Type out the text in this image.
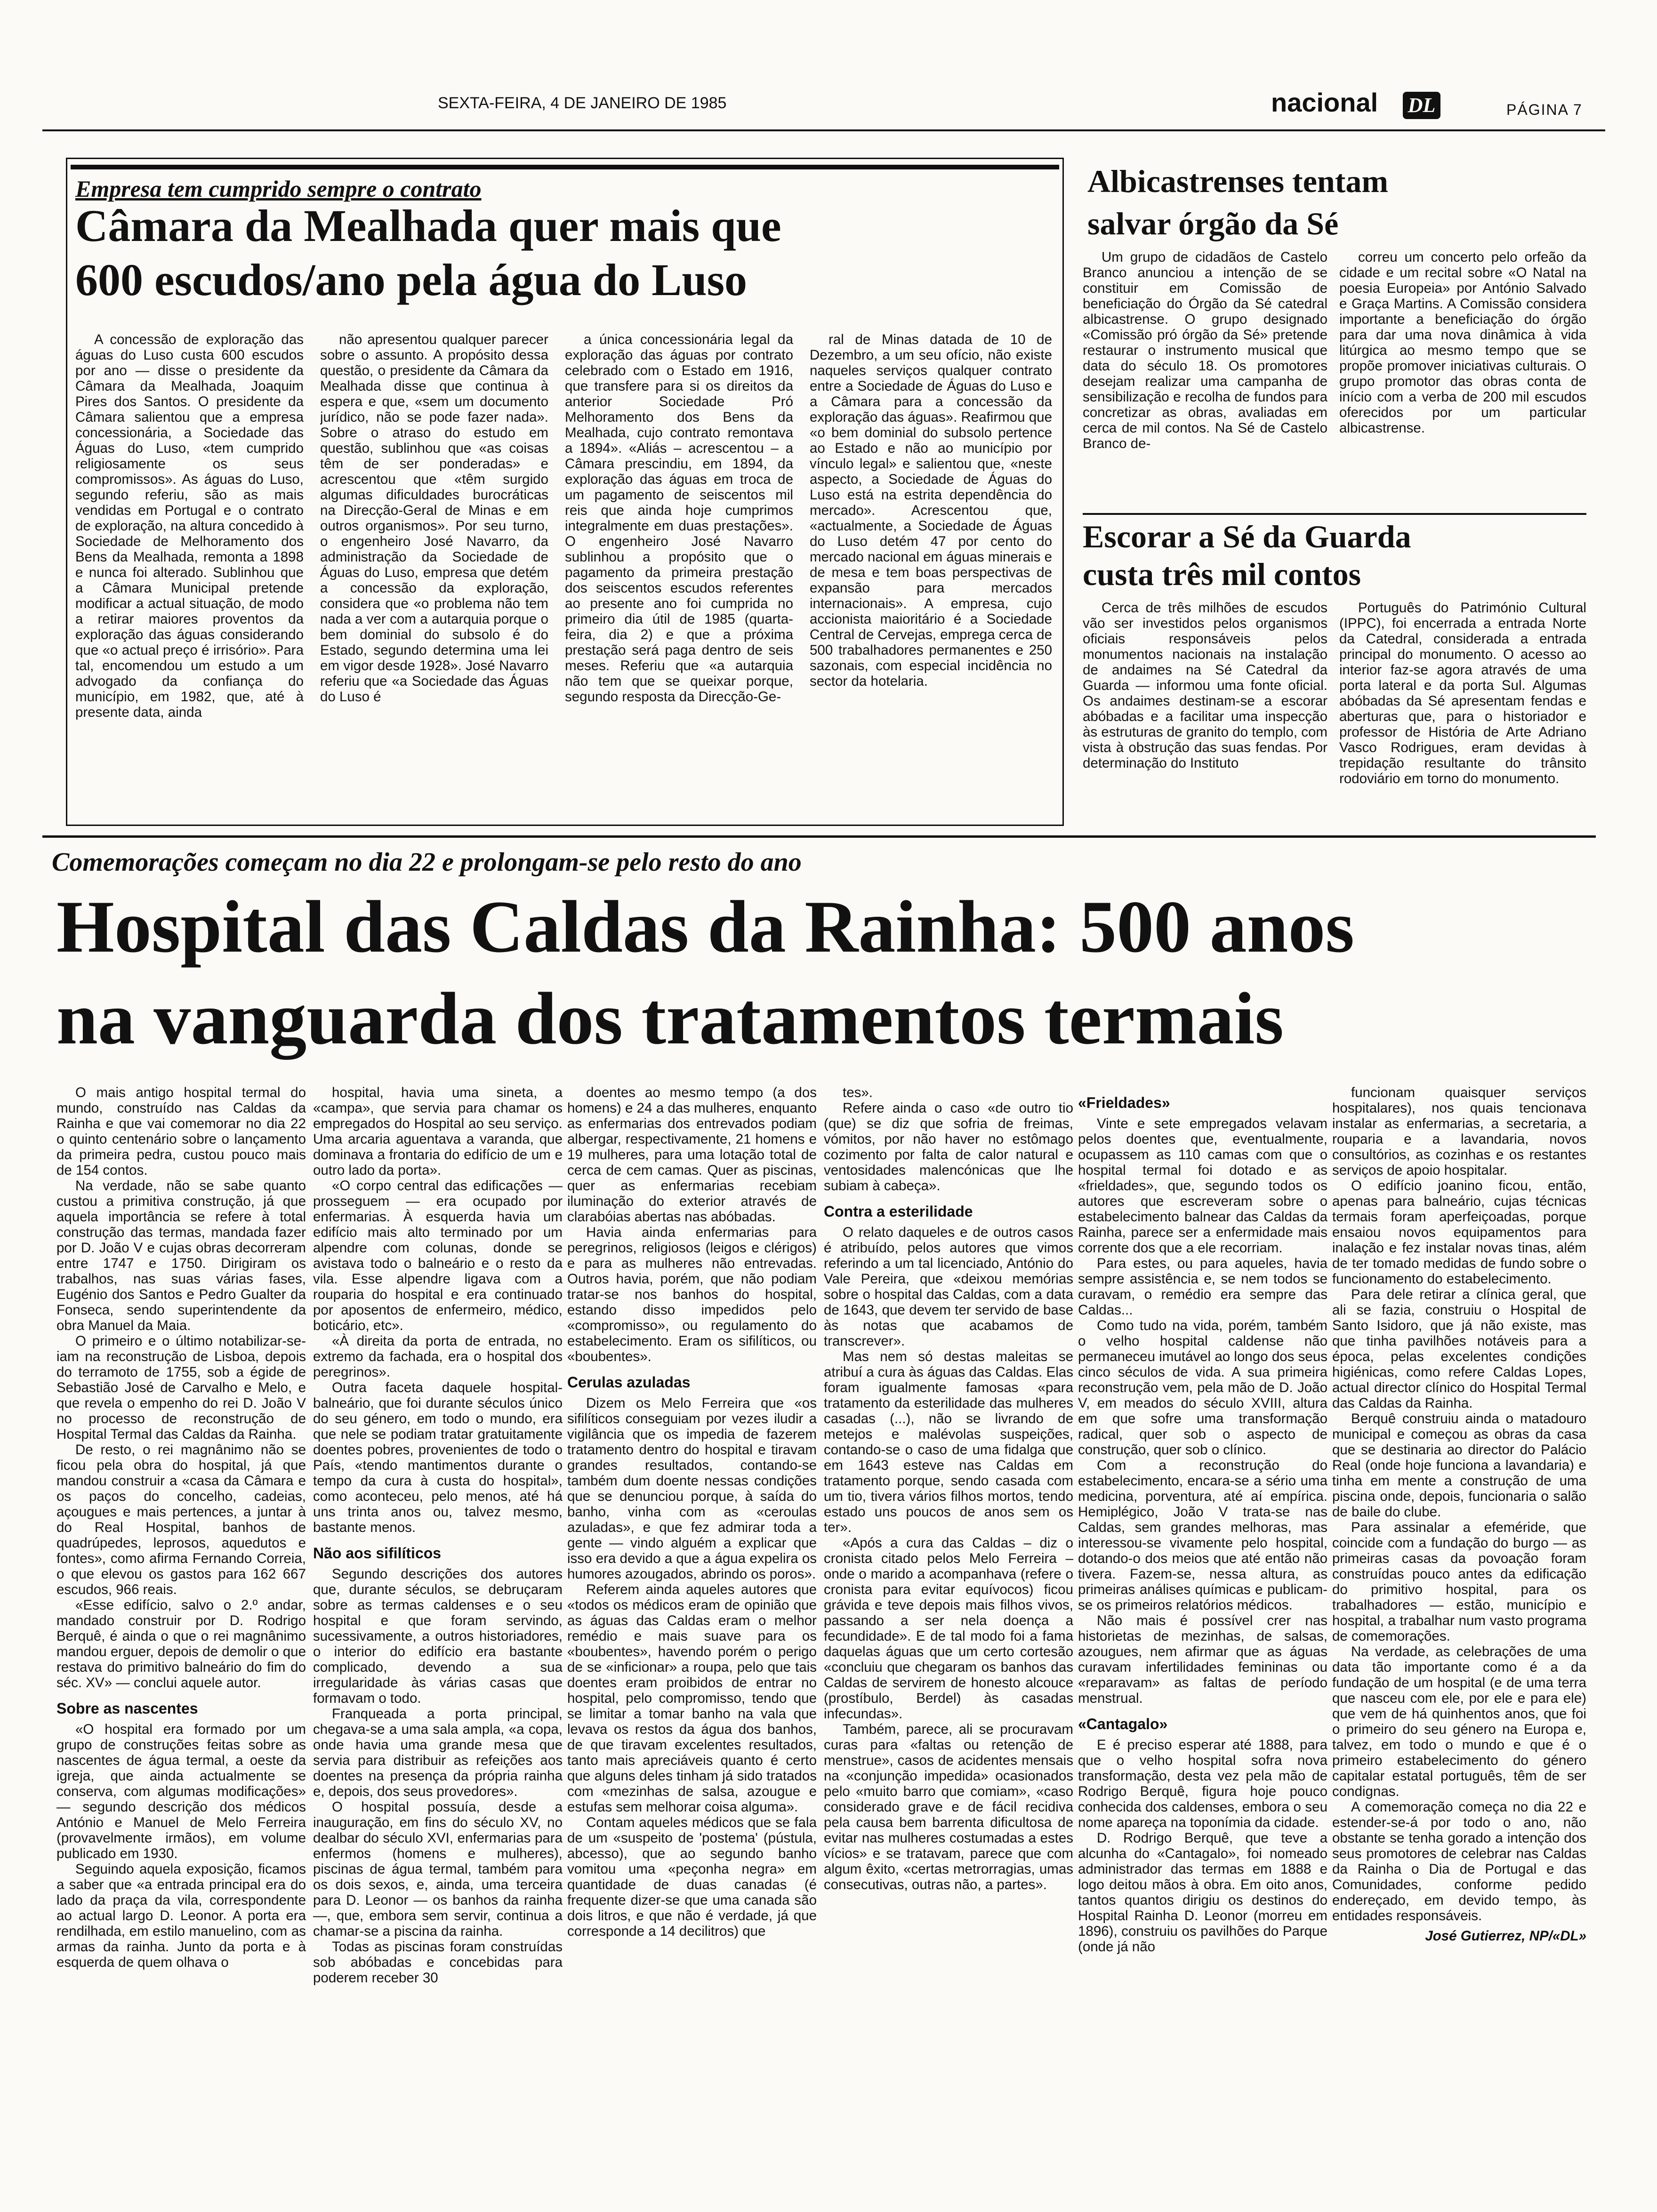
SEXTA-FEIRA, 4 DE JANEIRO DE 1985	nacional DL	PÁGINA 7
Empresa tem cumprido sempre o contrato
Câmara da Mealhada quer mais que
600 escudos/ano pela água do Luso

A concessão de exploração das águas do Luso custa 600 escudos por ano — disse o presidente da Câmara da Mealhada, Joaquim Pires dos Santos. O presidente da Câmara salientou que a empresa concessionária, a Sociedade das Águas do Luso, «tem cumprido religiosamente os seus compromissos». As águas do Luso, segundo referiu, são as mais vendidas em Portugal e o contrato de exploração, na altura concedido à Sociedade de Melhoramento dos Bens da Mealhada, remonta a 1898 e nunca foi alterado. Sublinhou que a Câmara Municipal pretende modificar a actual situação, de modo a retirar maiores proventos da exploração das águas considerando que «o actual preço é irrisório». Para tal, encomendou um estudo a um advogado da confiança do município, em 1982, que, até à presente data, ainda

não apresentou qualquer parecer sobre o assunto. A propósito dessa questão, o presidente da Câmara da Mealhada disse que continua à espera e que, «sem um documento jurídico, não se pode fazer nada». Sobre o atraso do estudo em questão, sublinhou que «as coisas têm de ser ponderadas» e acrescentou que «têm surgido algumas dificuldades burocráticas na Direcção-Geral de Minas e em outros organismos». Por seu turno, o engenheiro José Navarro, da administração da Sociedade de Águas do Luso, empresa que detém a concessão da exploração, considera que «o problema não tem nada a ver com a autarquia porque o bem dominial do subsolo é do Estado, segundo determina uma lei em vigor desde 1928». José Navarro referiu que «a Sociedade das Águas do Luso é

a única concessionária legal da exploração das águas por contrato celebrado com o Estado em 1916, que transfere para si os direitos da anterior Sociedade Pró Melhoramento dos Bens da Mealhada, cujo contrato remontava a 1894». «Aliás – acrescentou – a Câmara prescindiu, em 1894, da exploração das águas em troca de um pagamento de seiscentos mil reis que ainda hoje cumprimos integralmente em duas prestações». O engenheiro José Navarro sublinhou a propósito que o pagamento da primeira prestação dos seiscentos escudos referentes ao presente ano foi cumprida no primeiro dia útil de 1985 (quarta-feira, dia 2) e que a próxima prestação será paga dentro de seis meses. Referiu que «a autarquia não tem que se queixar porque, segundo resposta da Direcção-Ge-

ral de Minas datada de 10 de Dezembro, a um seu ofício, não existe naqueles serviços qualquer contrato entre a Sociedade de Águas do Luso e a Câmara para a concessão da exploração das águas». Reafirmou que «o bem dominial do subsolo pertence ao Estado e não ao município por vínculo legal» e salientou que, «neste aspecto, a Sociedade de Águas do Luso está na estrita dependência do mercado». Acrescentou que, «actualmente, a Sociedade de Águas do Luso detém 47 por cento do mercado nacional em águas minerais e de mesa e tem boas perspectivas de expansão para mercados internacionais». A empresa, cujo accionista maioritário é a Sociedade Central de Cervejas, emprega cerca de 500 trabalhadores permanentes e 250 sazonais, com especial incidência no sector da hotelaria.

Albicastrenses tentam
salvar órgão da Sé

Um grupo de cidadãos de Castelo Branco anunciou a intenção de se constituir em Comissão de beneficiação do Órgão da Sé catedral albicastrense. O grupo designado «Comissão pró órgão da Sé» pretende restaurar o instrumento musical que data do século 18. Os promotores desejam realizar uma campanha de sensibilização e recolha de fundos para concretizar as obras, avaliadas em cerca de mil contos. Na Sé de Castelo Branco de-

correu um concerto pelo orfeão da cidade e um recital sobre «O Natal na poesia Europeia» por António Salvado e Graça Martins. A Comissão considera importante a beneficiação do órgão para dar uma nova dinâmica à vida litúrgica ao mesmo tempo que se propõe promover iniciativas culturais. O grupo promotor das obras conta de início com a verba de 200 mil escudos oferecidos por um particular albicastrense.

Escorar a Sé da Guarda
custa três mil contos

Cerca de três milhões de escudos vão ser investidos pelos organismos oficiais responsáveis pelos monumentos nacionais na instalação de andaimes na Sé Catedral da Guarda — informou uma fonte oficial. Os andaimes destinam-se a escorar abóbadas e a facilitar uma inspecção às estruturas de granito do templo, com vista à obstrução das suas fendas. Por determinação do Instituto

Português do Património Cultural (IPPC), foi encerrada a entrada Norte da Catedral, considerada a entrada principal do monumento. O acesso ao interior faz-se agora através de uma porta lateral e da porta Sul. Algumas abóbadas da Sé apresentam fendas e aberturas que, para o historiador e professor de História de Arte Adriano Vasco Rodrigues, eram devidas à trepidação resultante do trânsito rodoviário em torno do monumento.

Comemorações começam no dia 22 e prolongam-se pelo resto do ano
Hospital das Caldas da Rainha: 500 anos
na vanguarda dos tratamentos termais

O mais antigo hospital termal do mundo, construído nas Caldas da Rainha e que vai comemorar no dia 22 o quinto centenário sobre o lançamento da primeira pedra, custou pouco mais de 154 contos.

Na verdade, não se sabe quanto custou a primitiva construção, já que aquela importância se refere à total construção das termas, mandada fazer por D. João V e cujas obras decorreram entre 1747 e 1750. Dirigiram os trabalhos, nas suas várias fases, Eugénio dos Santos e Pedro Gualter da Fonseca, sendo superintendente da obra Manuel da Maia.

O primeiro e o último notabilizar-se-iam na reconstrução de Lisboa, depois do terramoto de 1755, sob a égide de Sebastião José de Carvalho e Melo, e que revela o empenho do rei D. João V no processo de reconstrução de Hospital Termal das Caldas da Rainha.

De resto, o rei magnânimo não se ficou pela obra do hospital, já que mandou construir a «casa da Câmara e os paços do concelho, cadeias, açougues e mais pertences, a juntar à do Real Hospital, banhos de quadrúpedes, leprosos, aquedutos e fontes», como afirma Fernando Correia, o que elevou os gastos para 162 667 escudos, 966 reais.

«Esse edifício, salvo o 2.º andar, mandado construir por D. Rodrigo Berquê, é ainda o que o rei magnânimo mandou erguer, depois de demolir o que restava do primitivo balneário do fim do séc. XV» — conclui aquele autor.

Sobre as nascentes

«O hospital era formado por um grupo de construções feitas sobre as nascentes de água termal, a oeste da igreja, que ainda actualmente se conserva, com algumas modificações» — segundo descrição dos médicos António e Manuel de Melo Ferreira (provavelmente irmãos), em volume publicado em 1930.

Seguindo aquela exposição, ficamos a saber que «a entrada principal era do lado da praça da vila, correspondente ao actual largo D. Leonor. A porta era rendilhada, em estilo manuelino, com as armas da rainha. Junto da porta e à esquerda de quem olhava o

hospital, havia uma sineta, a «campa», que servia para chamar os empregados do Hospital ao seu serviço. Uma arcaria aguentava a varanda, que dominava a frontaria do edifício de um e outro lado da porta».

«O corpo central das edificações — prosseguem — era ocupado por enfermarias. À esquerda havia um edifício mais alto terminado por um alpendre com colunas, donde se avistava todo o balneário e o resto da vila. Esse alpendre ligava com a rouparia do hospital e era continuado por aposentos de enfermeiro, médico, boticário, etc».

«À direita da porta de entrada, no extremo da fachada, era o hospital dos peregrinos».

Outra faceta daquele hospital-balneário, que foi durante séculos único do seu género, em todo o mundo, era que nele se podiam tratar gratuitamente doentes pobres, provenientes de todo o País, «tendo mantimentos durante o tempo da cura à custa do hospital», como aconteceu, pelo menos, até há uns trinta anos ou, talvez mesmo, bastante menos.

Não aos sifilíticos

Segundo descrições dos autores que, durante séculos, se debruçaram sobre as termas caldenses e o seu hospital e que foram servindo, sucessivamente, a outros historiadores, o interior do edifício era bastante complicado, devendo a sua irregularidade às várias casas que formavam o todo.

Franqueada a porta principal, chegava-se a uma sala ampla, «a copa, onde havia uma grande mesa que servia para distribuir as refeições aos doentes na presença da própria rainha e, depois, dos seus provedores».

O hospital possuía, desde a inauguração, em fins do século XV, no dealbar do século XVI, enfermarias para enfermos (homens e mulheres), piscinas de água termal, também para os dois sexos, e, ainda, uma terceira para D. Leonor — os banhos da rainha —, que, embora sem servir, continua a chamar-se a piscina da rainha.

Todas as piscinas foram construídas sob abóbadas e concebidas para poderem receber 30

doentes ao mesmo tempo (a dos homens) e 24 a das mulheres, enquanto as enfermarias dos entrevados podiam albergar, respectivamente, 21 homens e 19 mulheres, para uma lotação total de cerca de cem camas. Quer as piscinas, quer as enfermarias recebiam iluminação do exterior através de clarabóias abertas nas abóbadas.

Havia ainda enfermarias para peregrinos, religiosos (leigos e clérigos) e para as mulheres não entrevadas. Outros havia, porém, que não podiam tratar-se nos banhos do hospital, estando disso impedidos pelo «compromisso», ou regulamento do estabelecimento. Eram os sifilíticos, ou «boubentes».

Cerulas azuladas

Dizem os Melo Ferreira que «os sifilíticos conseguiam por vezes iludir a vigilância que os impedia de fazerem tratamento dentro do hospital e tiravam grandes resultados, contando-se também dum doente nessas condições que se denunciou porque, à saída do banho, vinha com as «ceroulas azuladas», e que fez admirar toda a gente — vindo alguém a explicar que isso era devido a que a água expelira os humores azougados, abrindo os poros».

Referem ainda aqueles autores que «todos os médicos eram de opinião que as águas das Caldas eram o melhor remédio e mais suave para os «boubentes», havendo porém o perigo de se «inficionar» a roupa, pelo que tais doentes eram proibidos de entrar no hospital, pelo compromisso, tendo que se limitar a tomar banho na vala que levava os restos da água dos banhos, de que tiravam excelentes resultados, tanto mais apreciáveis quanto é certo que alguns deles tinham já sido tratados com «mezinhas de salsa, azougue e estufas sem melhorar coisa alguma».

Contam aqueles médicos que se fala de um «suspeito de 'postema' (pústula, abcesso), que ao segundo banho vomitou uma «peçonha negra» em quantidade de duas canadas (é frequente dizer-se que uma canada são dois litros, e que não é verdade, já que corresponde a 14 decilitros) que

tes».

Refere ainda o caso «de outro tio (que) se diz que sofria de freimas, vómitos, por não haver no estômago cozimento por falta de calor natural e ventosidades malencónicas que lhe subiam à cabeça».

Contra a esterilidade

O relato daqueles e de outros casos é atribuído, pelos autores que vimos referindo a um tal licenciado, António do Vale Pereira, que «deixou memórias sobre o hospital das Caldas, com a data de 1643, que devem ter servido de base às notas que acabamos de transcrever».

Mas nem só destas maleitas se atribuí a cura às águas das Caldas. Elas foram igualmente famosas «para tratamento da esterilidade das mulheres casadas (...), não se livrando de metejos e malévolas suspeições, contando-se o caso de uma fidalga que em 1643 esteve nas Caldas em tratamento porque, sendo casada com um tio, tivera vários filhos mortos, tendo estado uns poucos de anos sem os ter».

«Após a cura das Caldas – diz o cronista citado pelos Melo Ferreira – onde o marido a acompanhava (refere o cronista para evitar equívocos) ficou grávida e teve depois mais filhos vivos, passando a ser nela doença a fecundidade». E de tal modo foi a fama daquelas águas que um certo cortesão «concluiu que chegaram os banhos das Caldas de servirem de honesto alcouce (prostíbulo, Berdel) às casadas infecundas».

Também, parece, ali se procuravam curas para «faltas ou retenção de menstrue», casos de acidentes mensais na «conjunção impedida» ocasionados pelo «muito barro que comiam», «caso considerado grave e de fácil recidiva pela causa bem barrenta dificultosa de evitar nas mulheres costumadas a estes vícios» e se tratavam, parece que com algum êxito, «certas metrorragias, umas consecutivas, outras não, a partes».

«Frieldades»

Vinte e sete empregados velavam pelos doentes que, eventualmente, ocupassem as 110 camas com que o hospital termal foi dotado e as «frieldades», que, segundo todos os autores que escreveram sobre o estabelecimento balnear das Caldas da Rainha, parece ser a enfermidade mais corrente dos que a ele recorriam.

Para estes, ou para aqueles, havia sempre assistência e, se nem todos se curavam, o remédio era sempre das Caldas...

Como tudo na vida, porém, também o velho hospital caldense não permaneceu imutável ao longo dos seus cinco séculos de vida. A sua primeira reconstrução vem, pela mão de D. João V, em meados do século XVIII, altura em que sofre uma transformação radical, quer sob o aspecto de construção, quer sob o clínico.

Com a reconstrução do estabelecimento, encara-se a sério uma medicina, porventura, até aí empírica. Hemiplégico, João V trata-se nas Caldas, sem grandes melhoras, mas interessou-se vivamente pelo hospital, dotando-o dos meios que até então não tivera. Fazem-se, nessa altura, as primeiras análises químicas e publicam-se os primeiros relatórios médicos.

Não mais é possível crer nas historietas de mezinhas, de salsas, azougues, nem afirmar que as águas curavam infertilidades femininas ou «reparavam» as faltas de período menstrual.

«Cantagalo»

E é preciso esperar até 1888, para que o velho hospital sofra nova transformação, desta vez pela mão de Rodrigo Berquê, figura hoje pouco conhecida dos caldenses, embora o seu nome apareça na toponímia da cidade.

D. Rodrigo Berquê, que teve a alcunha do «Cantagalo», foi nomeado administrador das termas em 1888 e logo deitou mãos à obra. Em oito anos, tantos quantos dirigiu os destinos do Hospital Rainha D. Leonor (morreu em 1896), construiu os pavilhões do Parque (onde já não

funcionam quaisquer serviços hospitalares), nos quais tencionava instalar as enfermarias, a secretaria, a rouparia e a lavandaria, novos consultórios, as cozinhas e os restantes serviços de apoio hospitalar.

O edifício joanino ficou, então, apenas para balneário, cujas técnicas termais foram aperfeiçoadas, porque ensaiou novos equipamentos para inalação e fez instalar novas tinas, além de ter tomado medidas de fundo sobre o funcionamento do estabelecimento.

Para dele retirar a clínica geral, que ali se fazia, construiu o Hospital de Santo Isidoro, que já não existe, mas que tinha pavilhões notáveis para a época, pelas excelentes condições higiénicas, como refere Caldas Lopes, actual director clínico do Hospital Termal das Caldas da Rainha.

Berquê construiu ainda o matadouro municipal e começou as obras da casa que se destinaria ao director do Palácio Real (onde hoje funciona a lavandaria) e tinha em mente a construção de uma piscina onde, depois, funcionaria o salão de baile do clube.

Para assinalar a efeméride, que coincide com a fundação do burgo — as primeiras casas da povoação foram construídas pouco antes da edificação do primitivo hospital, para os trabalhadores — estão, município e hospital, a trabalhar num vasto programa de comemorações.

Na verdade, as celebrações de uma data tão importante como é a da fundação de um hospital (e de uma terra que nasceu com ele, por ele e para ele) que vem de há quinhentos anos, que foi o primeiro do seu género na Europa e, talvez, em todo o mundo e que é o primeiro estabelecimento do género capitalar estatal português, têm de ser condignas.

A comemoração começa no dia 22 e estender-se-á por todo o ano, não obstante se tenha gorado a intenção dos seus promotores de celebrar nas Caldas da Rainha o Dia de Portugal e das Comunidades, conforme pedido endereçado, em devido tempo, às entidades responsáveis.

José Gutierrez, NP/«DL»
